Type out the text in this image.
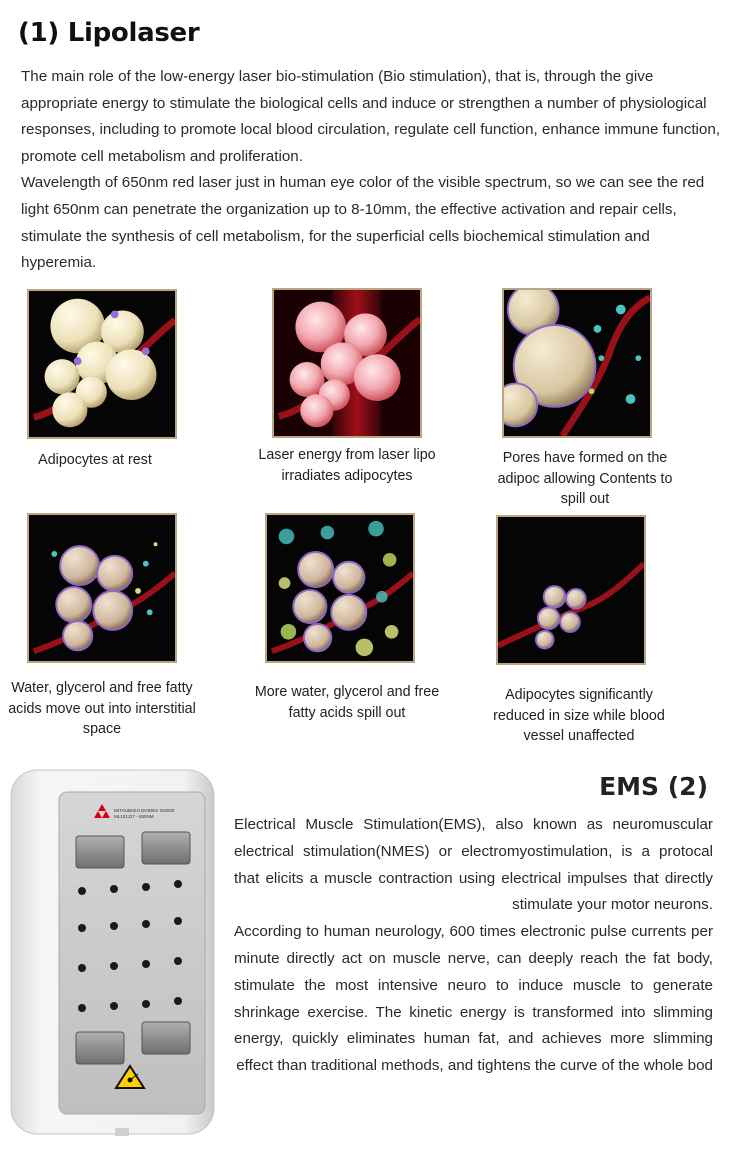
(1) Lipolaser

The main role of the low-energy laser bio-stimulation (Bio stimulation), that is, through the give appropriate energy to stimulate the biological cells and induce or strengthen a number of physiological responses, including to promote local blood circulation, regulate cell function, enhance immune function, promote cell metabolism and proliferation.

Wavelength of 650nm red laser just in human eye color of the visible spectrum, so we can see the red light 650nm can penetrate the organization up to 8-10mm, the effective activation and repair cells, stimulate the synthesis of cell metabolism, for the superficial cells biochemical stimulation and hyperemia.

Adipocytes at rest	Laser energy from laser lipo irradiates adipocytes
Pores have formed on the adipoc allowing Contents to spill out
Water, glycerol and free fatty acids move out into interstitial space
More water, glycerol and free fatty acids spill out
Adipocytes significantly reduced in size while blood vessel unaffected
MITSUBISHI DIODES INSIDE
ML101J27 - 650NM
EMS (2)

Electrical Muscle Stimulation(EMS), also known as neuromuscular electrical stimulation(NMES) or electromyostimulation, is a protocal that elicits a muscle contraction using electrical impulses that directly stimulate your motor neurons.

According to human neurology, 600 times electronic pulse currents per minute directly act on muscle nerve, can deeply reach the fat body, stimulate the most intensive neuro to induce muscle to generate shrinkage exercise. The kinetic energy is transformed into slimming energy, quickly eliminates human fat, and achieves more slimming effect than traditional methods, and tightens the curve of the whole bod
